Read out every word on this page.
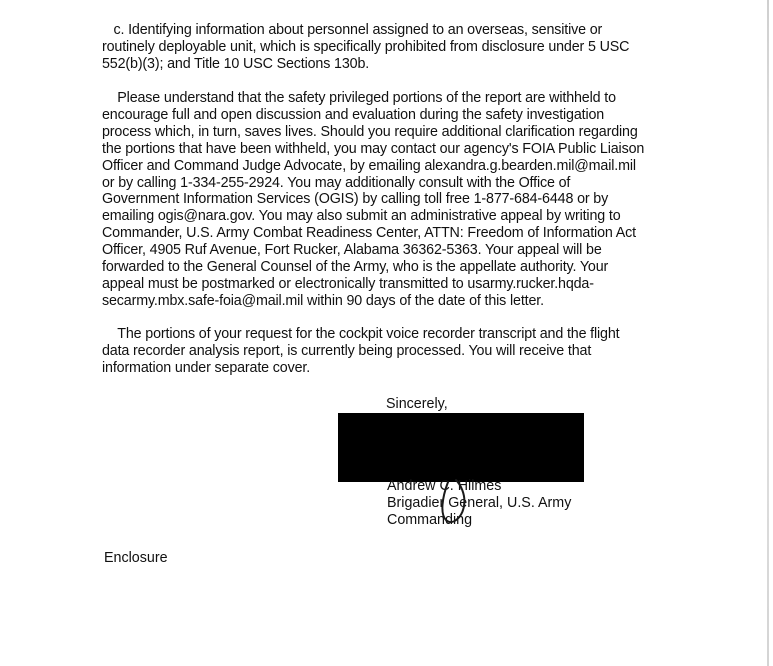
c. Identifying information about personnel assigned to an overseas, sensitive or
routinely deployable unit, which is specifically prohibited from disclosure under 5 USC
552(b)(3); and Title 10 USC Sections 130b.
Please understand that the safety privileged portions of the report are withheld to
encourage full and open discussion and evaluation during the safety investigation
process which, in turn, saves lives. Should you require additional clarification regarding
the portions that have been withheld, you may contact our agency's FOIA Public Liaison
Officer and Command Judge Advocate, by emailing alexandra.g.bearden.mil@mail.mil
or by calling 1-334-255-2924. You may additionally consult with the Office of
Government Information Services (OGIS) by calling toll free 1-877-684-6448 or by
emailing ogis@nara.gov. You may also submit an administrative appeal by writing to
Commander, U.S. Army Combat Readiness Center, ATTN: Freedom of Information Act
Officer, 4905 Ruf Avenue, Fort Rucker, Alabama 36362-5363. Your appeal will be
forwarded to the General Counsel of the Army, who is the appellate authority. Your
appeal must be postmarked or electronically transmitted to usarmy.rucker.hqda-
secarmy.mbx.safe-foia@mail.mil within 90 days of the date of this letter.
The portions of your request for the cockpit voice recorder transcript and the flight
data recorder analysis report, is currently being processed. You will receive that
information under separate cover.
Sincerely,
Andrew C. Hilmes
Brigadier General, U.S. Army
Commanding
Enclosure
